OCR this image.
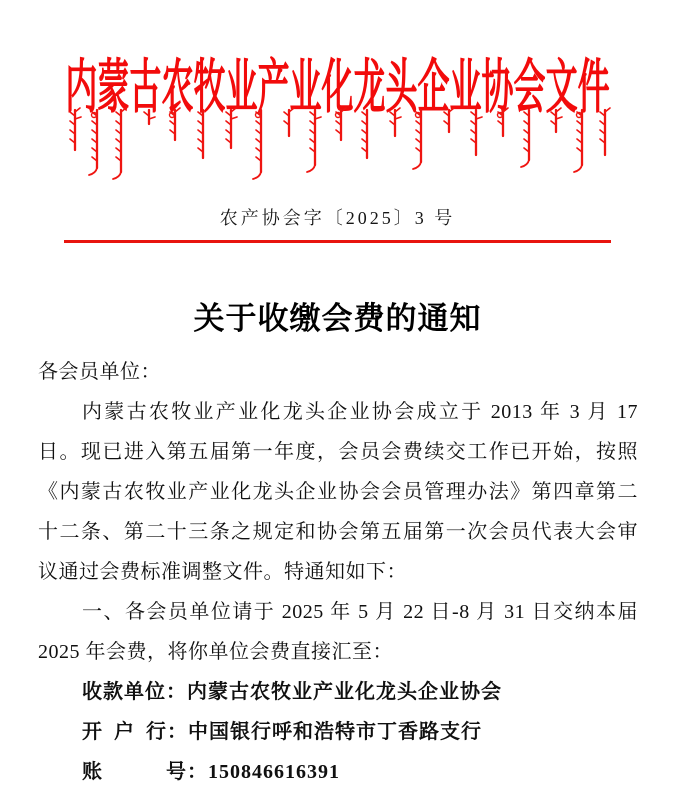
内蒙古农牧业产业化龙头企业协会文件
农产协会字〔2025〕3 号
关于收缴会费的通知
各会员单位：
内蒙古农牧业产业化龙头企业协会成立于 2013 年 3 月 17
日。现已进入第五届第一年度，会员会费续交工作已开始，按照
《内蒙古农牧业产业化龙头企业协会会员管理办法》第四章第二
十二条、第二十三条之规定和协会第五届第一次会员代表大会审
议通过会费标准调整文件。特通知如下：
一、各会员单位请于 2025 年 5 月 22 日-8 月 31 日交纳本届
2025 年会费，将你单位会费直接汇至：
收款单位：内蒙古农牧业产业化龙头企业协会
开 户 行：中国银行呼和浩特市丁香路支行
账　　　号：150846616391
